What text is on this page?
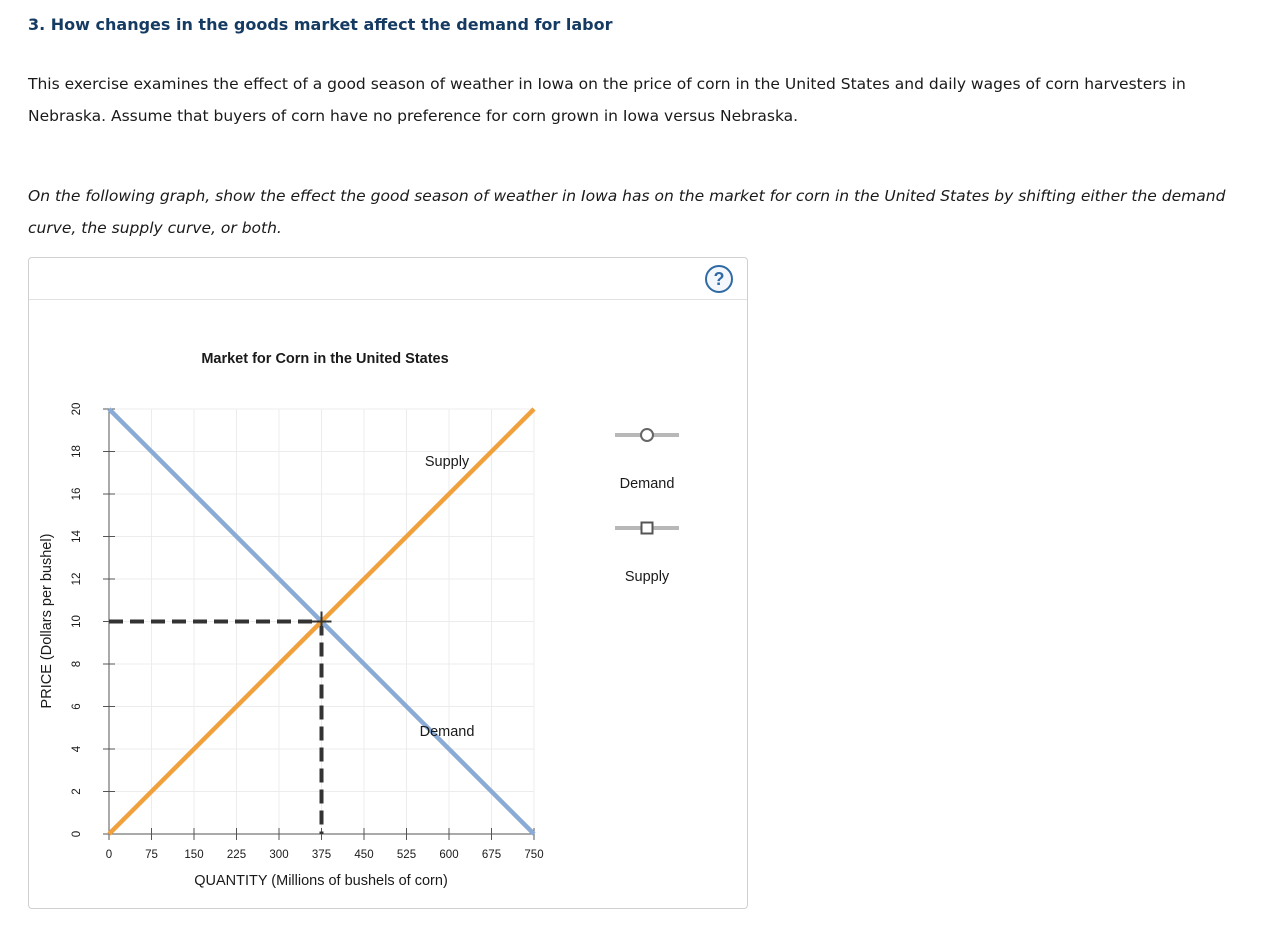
3. How changes in the goods market affect the demand for labor

This exercise examines the effect of a good season of weather in Iowa on the price of corn in the United States and daily wages of corn harvesters in Nebraska. Assume that buyers of corn have no preference for corn grown in Iowa versus Nebraska.

On the following graph, show the effect the good season of weather in Iowa has on the market for corn in the United States by shifting either the demand curve, the supply curve, or both.

?
Market for Corn in the United States
0
2
4
6
8
10
12
14
16
18
20
0	75 150 225 300 375 450 525 600 675 750
Demand
Supply
Demand
Supply
QUANTITY (Millions of bushels of corn)
PRICE (Dollars per bushel)
